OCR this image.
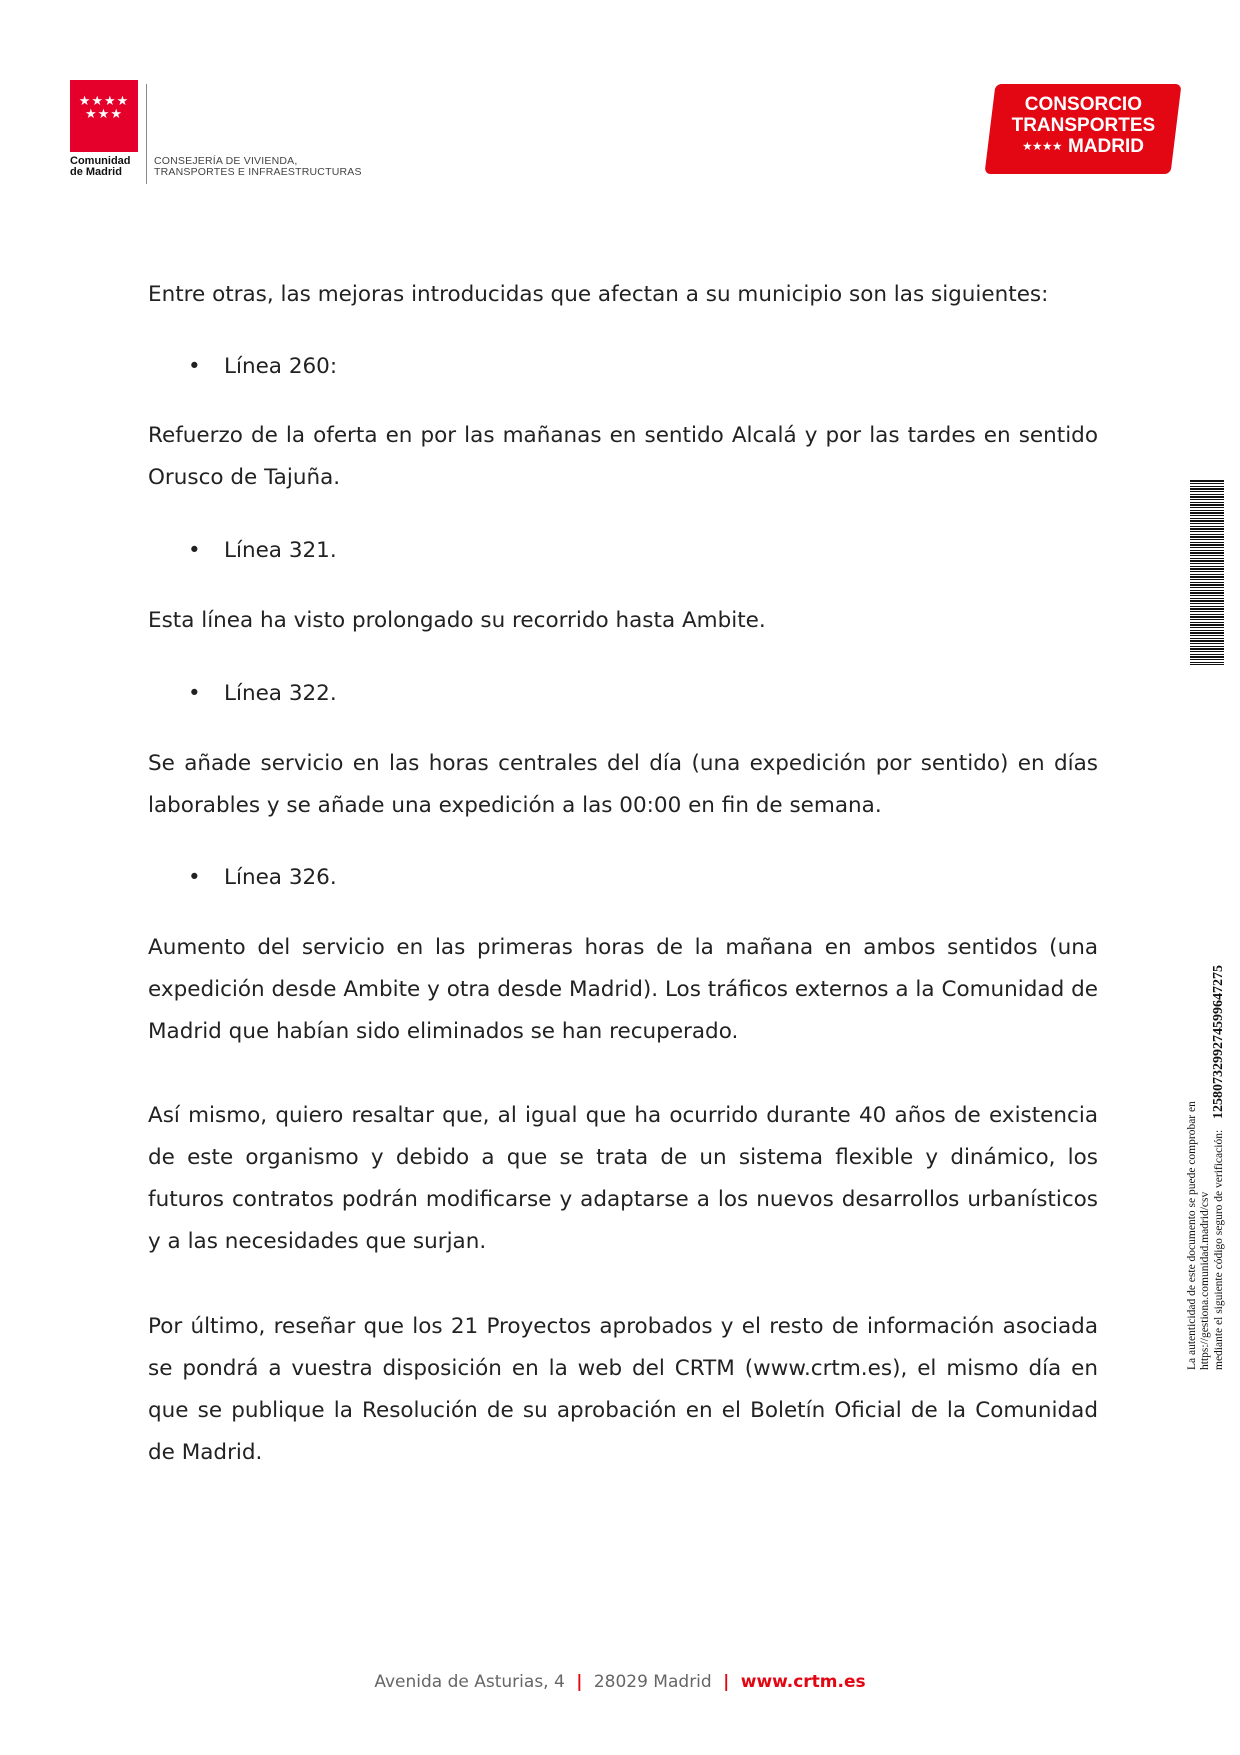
★★★★ ★★★
Comunidad
de Madrid
CONSEJERÍA DE VIVIENDA,
TRANSPORTES E INFRAESTRUCTURAS
CONSORCIO
TRANSPORTES
★★★★ MADRID

Entre otras, las mejoras introducidas que afectan a su municipio son las siguientes:

• Línea 260:

Refuerzo de la oferta en por las mañanas en sentido Alcalá y por las tardes en sentido Orusco de Tajuña.

• Línea 321.

Esta línea ha visto prolongado su recorrido hasta Ambite.

• Línea 322.

Se añade servicio en las horas centrales del día (una expedición por sentido) en días laborables y se añade una expedición a las 00:00 en fin de semana.

• Línea 326.

Aumento del servicio en las primeras horas de la mañana en ambos sentidos (una expedición desde Ambite y otra desde Madrid). Los tráficos externos a la Comunidad de Madrid que habían sido eliminados se han recuperado.

Así mismo, quiero resaltar que, al igual que ha ocurrido durante 40 años de existencia de este organismo y debido a que se trata de un sistema flexible y dinámico, los futuros contratos podrán modificarse y adaptarse a los nuevos desarrollos urbanísticos y a las necesidades que surjan.

Por último, reseñar que los 21 Proyectos aprobados y el resto de información asociada se pondrá a vuestra disposición en la web del CRTM (www.crtm.es), el mismo día en que se publique la Resolución de su aprobación en el Boletín Oficial de la Comunidad de Madrid.

La autenticidad de este documento se puede comprobar en https://gestiona.comunidad.madrid/csv mediante el siguiente código seguro de verificación: 1258073299274599647275
Avenida de Asturias, 4 | 28029 Madrid | www.crtm.es
